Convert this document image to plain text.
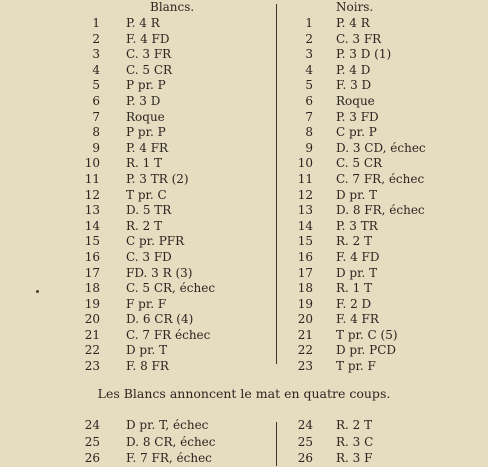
Blancs.	Noirs.
1 P. 4 R	1 P. 4 R
2 F. 4 FD	2 C. 3 FR
3 C. 3 FR	3 P. 3 D (1)
4 C. 5 CR	4 P. 4 D
5 P pr. P	5 F. 3 D
6 P. 3 D	6 Roque
7 Roque	7 P. 3 FD
8 P pr. P	8 C pr. P
9 P. 4 FR	9 D. 3 CD, échec
10 R. 1 T	10 C. 5 CR
11 P. 3 TR (2)	11 C. 7 FR, échec
12 T pr. C	12 D pr. T
13 D. 5 TR	13 D. 8 FR, échec
14 R. 2 T	14 P. 3 TR
15 C pr. PFR	15 R. 2 T
16 C. 3 FD	16 F. 4 FD
17 FD. 3 R (3)	17 D pr. T
18 C. 5 CR, échec	18 R. 1 T
19 F pr. F	19 F. 2 D
20 D. 6 CR (4)	20 F. 4 FR
21 C. 7 FR échec	21 T pr. C (5)
22 D pr. T	22 D pr. PCD
23 F. 8 FR	23 T pr. F
Les Blancs annoncent le mat en quatre coups.
24 D pr. T, échec	24 R. 2 T
25 D. 8 CR, échec	25 R. 3 C
26 F. 7 FR, échec	26 R. 3 F
